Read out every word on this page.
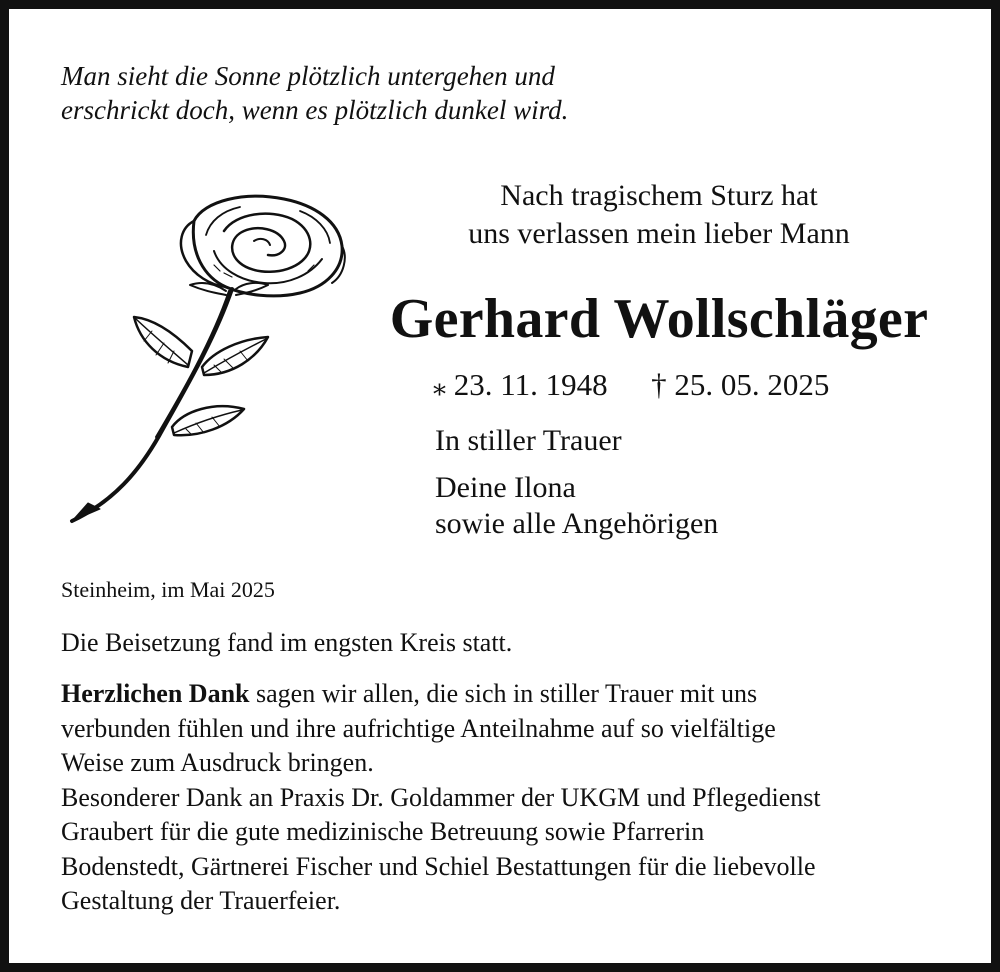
Man sieht die Sonne plötzlich untergehen und
erschrickt doch, wenn es plötzlich dunkel wird.

Nach tragischem Sturz hat
uns verlassen mein lieber Mann
Gerhard Wollschläger
⁎ 23. 11. 1948 † 25. 05. 2025
In stiller Trauer
Deine Ilona
sowie alle Angehörigen
Steinheim, im Mai 2025
Die Beisetzung fand im engsten Kreis statt.
Herzlichen Dank sagen wir allen, die sich in stiller Trauer mit uns
verbunden fühlen und ihre aufrichtige Anteilnahme auf so vielfältige
Weise zum Ausdruck bringen.
Besonderer Dank an Praxis Dr. Goldammer der UKGM und Pflegedienst
Graubert für die gute medizinische Betreuung sowie Pfarrerin
Bodenstedt, Gärtnerei Fischer und Schiel Bestattungen für die liebevolle
Gestaltung der Trauerfeier.
